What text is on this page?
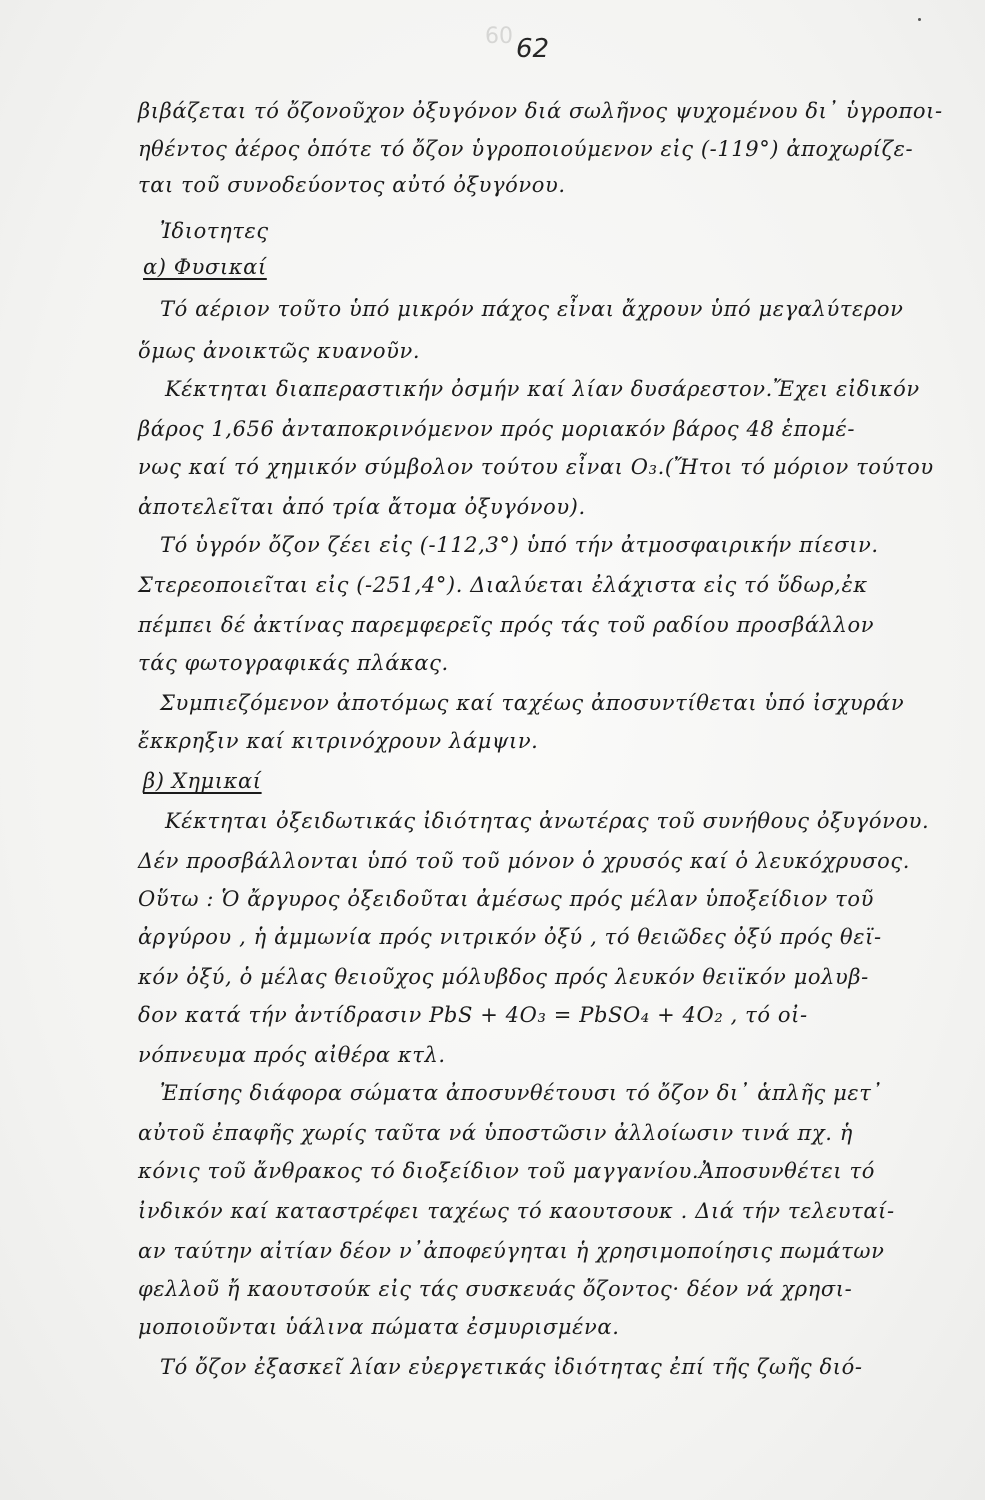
60 62
βιβάζεται τό ὄζονοῦχον ὀξυγόνον διά σωλῆνος ψυχομένου δι᾽ ὑγροποι-
ηθέντος ἀέρος ὁπότε τό ὄζον ὑγροποιούμενον εἰς (-119°) ἀποχωρίζε-
ται τοῦ συνοδεύοντος αὐτό ὀξυγόνου.
Ἰδιοτητες
α) Φυσικαί
Τό αέριον τοῦτο ὑπό μικρόν πάχος εἶναι ἄχρουν ὑπό μεγαλύτερον
ὅμως ἀνοικτῶς κυανοῦν.
Κέκτηται διαπεραστικήν ὀσμήν καί λίαν δυσάρεστον.Ἔχει εἰδικόν
βάρος 1,656 ἀνταποκρινόμενον πρός μοριακόν βάρος 48 ἑπομέ-
νως καί τό χημικόν σύμβολον τούτου εἶναι O₃.(Ἤτοι τό μόριον τούτου
ἀποτελεῖται ἀπό τρία ἄτομα ὀξυγόνου).
Τό ὑγρόν ὄζον ζέει εἰς (-112,3°) ὑπό τήν ἀτμοσφαιρικήν πίεσιν.
Στερεοποιεῖται εἰς (-251,4°). Διαλύεται ἐλάχιστα εἰς τό ὕδωρ,ἐκ
πέμπει δέ ἀκτίνας παρεμφερεῖς πρός τάς τοῦ ραδίου προσβάλλον
τάς φωτογραφικάς πλάκας.
Συμπιεζόμενον ἀποτόμως καί ταχέως ἀποσυντίθεται ὑπό ἰσχυράν
ἔκκρηξιν καί κιτρινόχρουν λάμψιν.
β) Χημικαί
Κέκτηται ὀξειδωτικάς ἰδιότητας ἀνωτέρας τοῦ συνήθους ὀξυγόνου.
Δέν προσβάλλονται ὑπό τοῦ τοῦ μόνον ὁ χρυσός καί ὁ λευκόχρυσος.
Οὕτω : Ὁ ἄργυρος ὀξειδοῦται ἀμέσως πρός μέλαν ὑποξείδιον τοῦ
ἀργύρου , ἡ ἀμμωνία πρός νιτρικόν ὀξύ , τό θειῶδες ὀξύ πρός θεϊ-
κόν ὀξύ, ὁ μέλας θειοῦχος μόλυβδος πρός λευκόν θειϊκόν μολυβ-
δον κατά τήν ἀντίδρασιν PbS + 4O₃ = PbSO₄ + 4O₂ , τό οἰ-
νόπνευμα πρός αἰθέρα κτλ.
Ἐπίσης διάφορα σώματα ἀποσυνθέτουσι τό ὄζον δι᾽ ἁπλῆς μετ᾽
αὐτοῦ ἐπαφῆς χωρίς ταῦτα νά ὑποστῶσιν ἀλλοίωσιν τινά πχ. ἡ
κόνις τοῦ ἄνθρακος τό διοξείδιον τοῦ μαγγανίου.Ἀποσυνθέτει τό
ἰνδικόν καί καταστρέφει ταχέως τό καουτσουκ . Διά τήν τελευταί-
αν ταύτην αἰτίαν δέον ν᾽ἀποφεύγηται ἡ χρησιμοποίησις πωμάτων
φελλοῦ ἤ καουτσούκ εἰς τάς συσκευάς ὄζοντος· δέον νά χρησι-
μοποιοῦνται ὑάλινα πώματα ἐσμυρισμένα.
Τό ὄζον ἐξασκεῖ λίαν εὐεργετικάς ἰδιότητας ἐπί τῆς ζωῆς διό-
